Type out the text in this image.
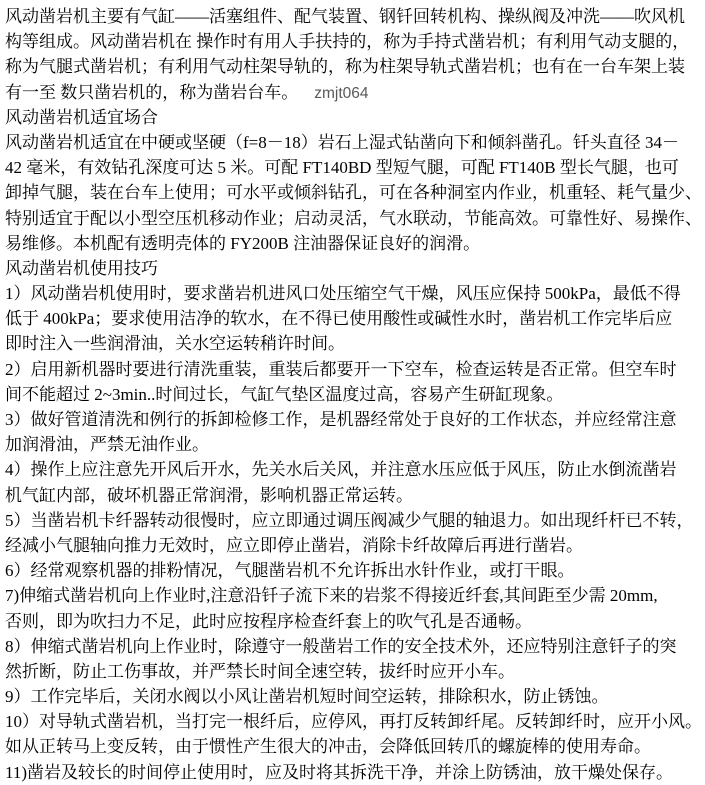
风动凿岩机主要有气缸——活塞组件、配气装置、钢钎回转机构、操纵阀及冲洗——吹风机
构等组成。风动凿岩机在 操作时有用人手扶持的，称为手持式凿岩机；有利用气动支腿的，
称为气腿式凿岩机；有利用气动柱架导轨的，称为柱架导轨式凿岩机；也有在一台车架上装
有一至 数只凿岩机的，称为凿岩台车。 zmjt064
风动凿岩机适宜场合
风动凿岩机适宜在中硬或坚硬（f=8－18）岩石上湿式钻凿向下和倾斜凿孔。钎头直径 34－
42 毫米，有效钻孔深度可达 5 米。可配 FT140BD 型短气腿，可配 FT140B 型长气腿，也可
卸掉气腿，装在台车上使用；可水平或倾斜钻孔，可在各种洞室内作业，机重轻、耗气量少、
特别适宜于配以小型空压机移动作业；启动灵活，气水联动，节能高效。可靠性好、易操作、
易维修。本机配有透明壳体的 FY200B 注油器保证良好的润滑。
风动凿岩机使用技巧
1）风动凿岩机使用时，要求凿岩机进风口处压缩空气干燥，风压应保持 500kPa，最低不得
低于 400kPa；要求使用洁净的软水，在不得已使用酸性或碱性水时，凿岩机工作完毕后应
即时注入一些润滑油，关水空运转稍许时间。
2）启用新机器时要进行清洗重装，重装后都要开一下空车，检查运转是否正常。但空车时
间不能超过 2~3min..时间过长，气缸气垫区温度过高，容易产生研缸现象。
3）做好管道清洗和例行的拆卸检修工作，是机器经常处于良好的工作状态，并应经常注意
加润滑油，严禁无油作业。
4）操作上应注意先开风后开水，先关水后关风，并注意水压应低于风压，防止水倒流凿岩
机气缸内部，破坏机器正常润滑，影响机器正常运转。
5）当凿岩机卡纤器转动很慢时，应立即通过调压阀减少气腿的轴退力。如出现纤杆已不转，
经减小气腿轴向推力无效时，应立即停止凿岩，消除卡纤故障后再进行凿岩。
6）经常观察机器的排粉情况，气腿凿岩机不允许拆出水针作业，或打干眼。
7)伸缩式凿岩机向上作业时,注意沿钎子流下来的岩浆不得接近纤套,其间距至少需 20mm,
否则，即为吹扫力不足，此时应按程序检查纤套上的吹气孔是否通畅。
8）伸缩式凿岩机向上作业时，除遵守一般凿岩工作的安全技术外，还应特别注意钎子的突
然折断，防止工伤事故，并严禁长时间全速空转，拔纤时应开小车。
9）工作完毕后，关闭水阀以小风让凿岩机短时间空运转，排除积水，防止锈蚀。
10）对导轨式凿岩机，当打完一根纤后，应停风，再打反转卸纤尾。反转卸纤时，应开小风。
如从正转马上变反转，由于惯性产生很大的冲击，会降低回转爪的螺旋棒的使用寿命。
11)凿岩及较长的时间停止使用时，应及时将其拆洗干净，并涂上防锈油，放干燥处保存。
